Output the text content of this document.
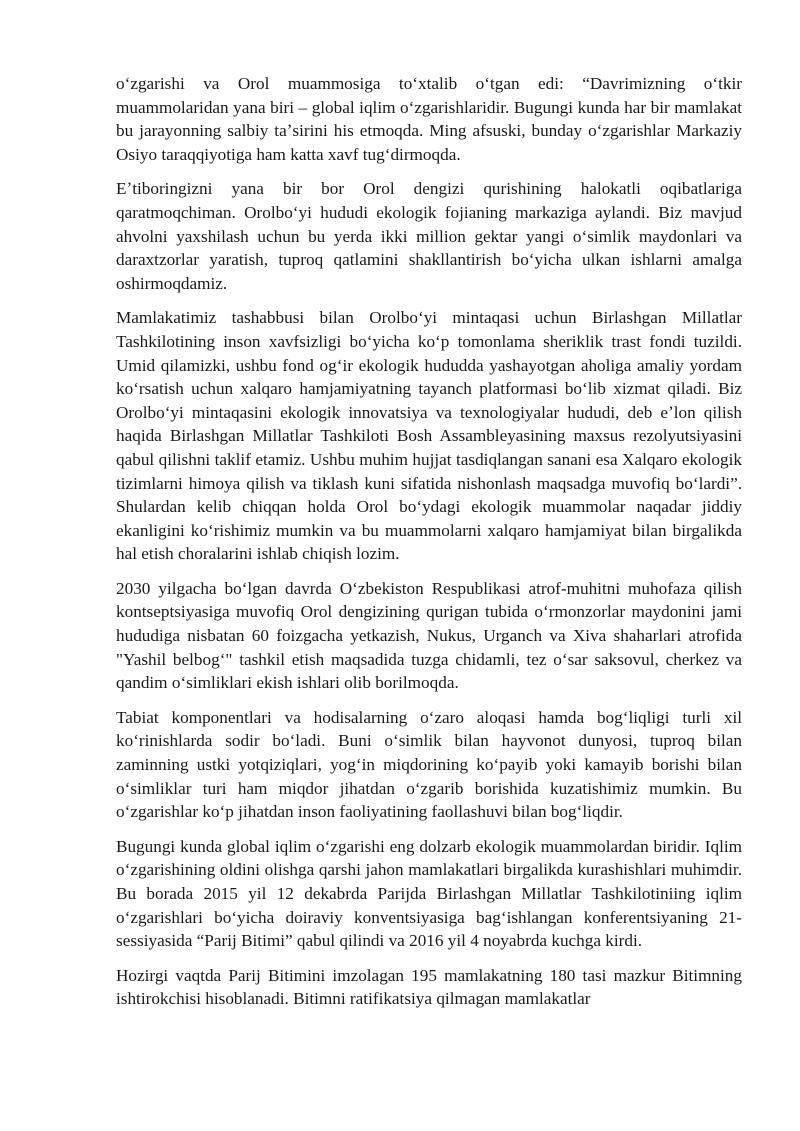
oʻzgarishi va Orol muammosiga toʻxtalib oʻtgan edi: “Davrimizning oʻtkir muammolaridan yana biri – global iqlim oʻzgarishlaridir. Bugungi kunda har bir mamlakat bu jarayonning salbiy taʼsirini his etmoqda. Ming afsuski, bunday oʻzgarishlar Markaziy Osiyo taraqqiyotiga ham katta xavf tugʻdirmoqda.

Eʼtiboringizni yana bir bor Orol dengizi qurishining halokatli oqibatlariga qaratmoqchiman. Orolboʻyi hududi ekologik fojianing markaziga aylandi. Biz mavjud ahvolni yaxshilash uchun bu yerda ikki million gektar yangi oʻsimlik maydonlari va daraxtzorlar yaratish, tuproq qatlamini shakllantirish boʻyicha ulkan ishlarni amalga oshirmoqdamiz.

Mamlakatimiz tashabbusi bilan Orolboʻyi mintaqasi uchun Birlashgan Millatlar Tashkilotining inson xavfsizligi boʻyicha koʻp tomonlama sheriklik trast fondi tuzildi. Umid qilamizki, ushbu fond ogʻir ekologik hududda yashayotgan aholiga amaliy yordam koʻrsatish uchun xalqaro hamjamiyatning tayanch platformasi boʻlib xizmat qiladi. Biz Orolboʻyi mintaqasini ekologik innovatsiya va texnologiyalar hududi, deb eʼlon qilish haqida Birlashgan Millatlar Tashkiloti Bosh Assambleyasining maxsus rezolyutsiyasini qabul qilishni taklif etamiz. Ushbu muhim hujjat tasdiqlangan sanani esa Xalqaro ekologik tizimlarni himoya qilish va tiklash kuni sifatida nishonlash maqsadga muvofiq boʻlardi”. Shulardan kelib chiqqan holda Orol boʻydagi ekologik muammolar naqadar jiddiy ekanligini koʻrishimiz mumkin va bu muammolarni xalqaro hamjamiyat bilan birgalikda hal etish choralarini ishlab chiqish lozim.

2030 yilgacha boʻlgan davrda Oʻzbekiston Respublikasi atrof-muhitni muhofaza qilish kontseptsiyasiga muvofiq Orol dengizining qurigan tubida oʻrmonzorlar maydonini jami hududiga nisbatan 60 foizgacha yetkazish, Nukus, Urganch va Xiva shaharlari atrofida "Yashil belbogʻ" tashkil etish maqsadida tuzga chidamli, tez oʻsar saksovul, cherkez va qandim oʻsimliklari ekish ishlari olib borilmoqda.

Tabiat komponentlari va hodisalarning oʻzaro aloqasi hamda bogʻliqligi turli xil koʻrinishlarda sodir boʻladi. Buni oʻsimlik bilan hayvonot dunyosi, tuproq bilan zaminning ustki yotqiziqlari, yogʻin miqdorining koʻpayib yoki kamayib borishi bilan oʻsimliklar turi ham miqdor jihatdan oʻzgarib borishida kuzatishimiz mumkin. Bu oʻzgarishlar koʻp jihatdan inson faoliyatining faollashuvi bilan bogʻliqdir.

Bugungi kunda global iqlim oʻzgarishi eng dolzarb ekologik muammolardan biridir. Iqlim oʻzgarishining oldini olishga qarshi jahon mamlakatlari birgalikda kurashishlari muhimdir. Bu borada 2015 yil 12 dekabrda Parijda Birlashgan Millatlar Tashkilotiniing iqlim oʻzgarishlari boʻyicha doiraviy konventsiyasiga bagʻishlangan konferentsiyaning 21-sessiyasida “Parij Bitimi” qabul qilindi va 2016 yil 4 noyabrda kuchga kirdi.

Hozirgi vaqtda Parij Bitimini imzolagan 195 mamlakatning 180 tasi mazkur Bitimning ishtirokchisi hisoblanadi. Bitimni ratifikatsiya qilmagan mamlakatlar
